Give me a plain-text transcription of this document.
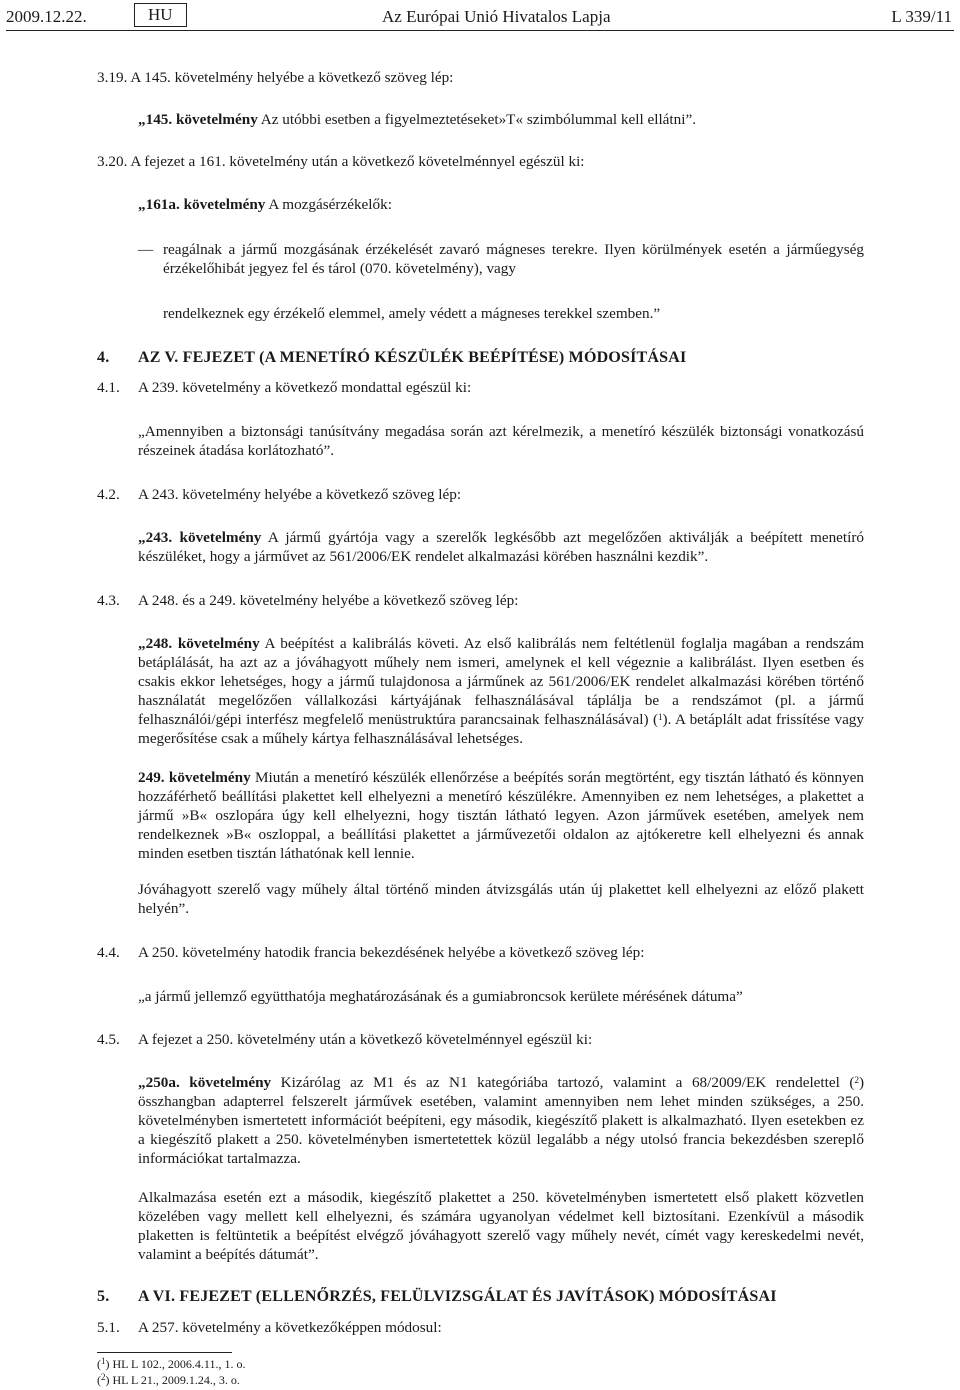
2009.12.22.	HU	Az Európai Unió Hivatalos Lapja	L 339/11
3.19. A 145. követelmény helyébe a következő szöveg lép:
„145. követelmény Az utóbbi esetben a figyelmeztetéseket»T« szimbólummal kell ellátni”.
3.20. A fejezet a 161. követelmény után a következő követelménnyel egészül ki:
„161a. követelmény A mozgásérzékelők:
— reagálnak a jármű mozgásának érzékelését zavaró mágneses terekre. Ilyen körülmények esetén a járműegység érzékelőhibát jegyez fel és tárol (070. követelmény), vagy
rendelkeznek egy érzékelő elemmel, amely védett a mágneses terekkel szemben.”
4. AZ V. FEJEZET (A MENETÍRÓ KÉSZÜLÉK BEÉPÍTÉSE) MÓDOSÍTÁSAI
4.1. A 239. követelmény a következő mondattal egészül ki:
„Amennyiben a biztonsági tanúsítvány megadása során azt kérelmezik, a menetíró készülék biztonsági vonatkozású részeinek átadása korlátozható”.
4.2. A 243. követelmény helyébe a következő szöveg lép:
„243. követelmény A jármű gyártója vagy a szerelők legkésőbb azt megelőzően aktiválják a beépített menetíró készüléket, hogy a járművet az 561/2006/EK rendelet alkalmazási körében használni kezdik”.
4.3. A 248. és a 249. követelmény helyébe a következő szöveg lép:
„248. követelmény A beépítést a kalibrálás követi. Az első kalibrálás nem feltétlenül foglalja magában a rendszám betáplálását, ha azt az a jóváhagyott műhely nem ismeri, amelynek el kell végeznie a kalibrálást. Ilyen esetben és csakis ekkor lehetséges, hogy a jármű tulajdonosa a járműnek az 561/2006/EK rendelet alkalmazási körében történő használatát megelőzően vállalkozási kártyájának felhasználásával táplálja be a rendszámot (pl. a jármű felhasználói/gépi interfész megfelelő menüstruktúra parancsainak felhasználásával) ($^1$). A betáplált adat frissítése vagy megerősítése csak a műhely kártya felhasználásával lehetséges.
249. követelmény Miután a menetíró készülék ellenőrzése a beépítés során megtörtént, egy tisztán látható és könnyen hozzáférhető beállítási plakettet kell elhelyezni a menetíró készülékre. Amennyiben ez nem lehetséges, a plakettet a jármű »B« oszlopára úgy kell elhelyezni, hogy tisztán látható legyen. Azon járművek esetében, amelyek nem rendelkeznek »B« oszloppal, a beállítási plakettet a járművezetői oldalon az ajtókeretre kell elhelyezni és annak minden esetben tisztán láthatónak kell lennie.
Jóváhagyott szerelő vagy műhely által történő minden átvizsgálás után új plakettet kell elhelyezni az előző plakett helyén”.
4.4. A 250. követelmény hatodik francia bekezdésének helyébe a következő szöveg lép:
„a jármű jellemző együtthatója meghatározásának és a gumiabroncsok kerülete mérésének dátuma”
4.5. A fejezet a 250. követelmény után a következő követelménnyel egészül ki:
„250a. követelmény Kizárólag az M1 és az N1 kategóriába tartozó, valamint a 68/2009/EK rendelettel ($^2$) összhangban adapterrel felszerelt járművek esetében, valamint amennyiben nem lehet minden szükséges, a 250. követelményben ismertetett információt beépíteni, egy második, kiegészítő plakett is alkalmazható. Ilyen esetekben ez a kiegészítő plakett a 250. követelményben ismertetettek közül legalább a négy utolsó francia bekezdésben szereplő információkat tartalmazza.
Alkalmazása esetén ezt a második, kiegészítő plakettet a 250. követelményben ismertetett első plakett közvetlen közelében vagy mellett kell elhelyezni, és számára ugyanolyan védelmet kell biztosítani. Ezenkívül a második plaketten is feltüntetik a beépítést elvégző jóváhagyott szerelő vagy műhely nevét, címét vagy kereskedelmi nevét, valamint a beépítés dátumát”.
5. A VI. FEJEZET (ELLENŐRZÉS, FELÜLVIZSGÁLAT ÉS JAVÍTÁSOK) MÓDOSÍTÁSAI
5.1. A 257. követelmény a következőképpen módosul:
($^1$) HL L 102., 2006.4.11., 1. o.
($^2$) HL L 21., 2009.1.24., 3. o.
